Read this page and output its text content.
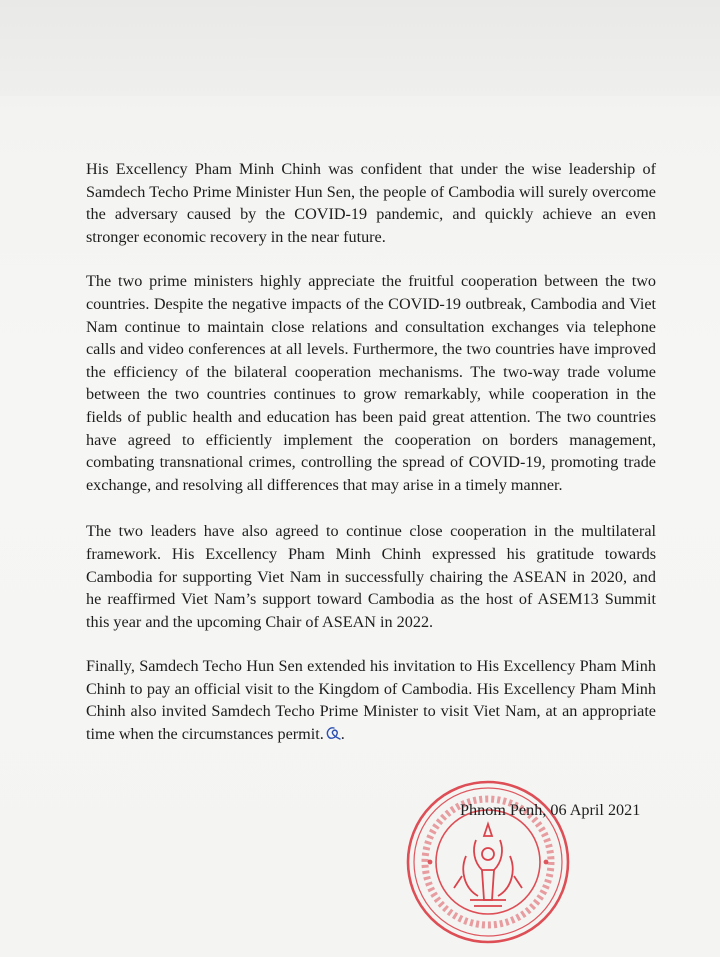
His Excellency Pham Minh Chinh was confident that under the wise leadership of Samdech Techo Prime Minister Hun Sen, the people of Cambodia will surely overcome the adversary caused by the COVID-19 pandemic, and quickly achieve an even stronger economic recovery in the near future.

The two prime ministers highly appreciate the fruitful cooperation between the two countries. Despite the negative impacts of the COVID-19 outbreak, Cambodia and Viet Nam continue to maintain close relations and consultation exchanges via telephone calls and video conferences at all levels. Furthermore, the two countries have improved the efficiency of the bilateral cooperation mechanisms. The two-way trade volume between the two countries continues to grow remarkably, while cooperation in the fields of public health and education has been paid great attention. The two countries have agreed to efficiently implement the cooperation on borders management, combating transnational crimes, controlling the spread of COVID-19, promoting trade exchange, and resolving all differences that may arise in a timely manner.

The two leaders have also agreed to continue close cooperation in the multilateral framework. His Excellency Pham Minh Chinh expressed his gratitude towards Cambodia for supporting Viet Nam in successfully chairing the ASEAN in 2020, and he reaffirmed Viet Nam’s support toward Cambodia as the host of ASEM13 Summit this year and the upcoming Chair of ASEAN in 2022.

Finally, Samdech Techo Hun Sen extended his invitation to His Excellency Pham Minh Chinh to pay an official visit to the Kingdom of Cambodia. His Excellency Pham Minh Chinh also invited Samdech Techo Prime Minister to visit Viet Nam, at an appropriate time when the circumstances permit. .

Phnom Penh, 06 April 2021
